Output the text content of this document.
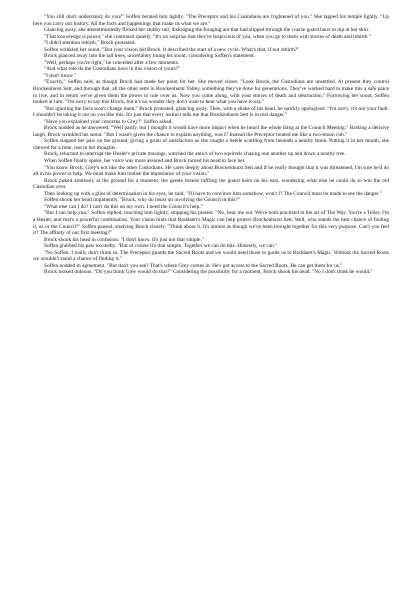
"You still don't understand, do you?" Soffen berated him lightly. "The Preceptor and his Custodians are frightened of you." She tapped his temple lightly. "Up here you carry our history. All the facts and happenings that make us what we are."

Glancing away, she absentmindedly flicked her stubby tail, dislodging the foraging ant that had slipped through the coarse guard hairs to nip at her skin.

"That knowledge is power," she continued quietly. "It's no surprise that they're suspicious of you, when you go to them with stories of death and rebirth."

"I didn't mention rebirth," Brock protested.

Soffen wrinkled her snout. "But your vision did Brock. It described the start of a new cycle. What's that, if not rebirth?"

Brock glanced away into the tall trees, uncertainty lining his snout, considering Soffen's statement.

"Well, perhaps you're right," he conceded after a few moments.

"And what role do the Custodians have in this vision of yours?"

"I don't know."

"Exactly," Soffen said, as though Brock had made her point for her. She moved closer. "Look Brock, the Custodians are unsettled. At present they control Brockenhurst Sett, and through that, all the other setts in Brockenhurst Valley, something they've done for generations. They've worked hard to make this a safe place to live, and in return we've given them the power to rule over us. Now you come along, with your stories of death and destruction." Furrowing her snout, Soffen looked at him. "I'm sorry to say this Brock, but it's no wonder they don't want to hear what you have to say."

"But ignoring the facts won't change them," Brock protested, glancing away. Then, with a shake of his head, he quickly apologised. "I'm sorry, it's not your fault. I shouldn't be taking it out on you like this. It's just that every instinct tells me that Brockenhurst Sett is in real danger."

"Have you explained your concerns to Grey?" Soffen asked.

Brock nodded as he answered. "Well partly, but I thought it would have more impact when he heard the whole thing at the Council Meeting." Barking a derisive laugh, Brock wrinkled his snout. "But I wasn't given the chance to explain anything, was I? Instead the Preceptor treated me like a two-moon cub."

Soffen slapped her paw on the ground, giving a grunt of satisfaction as she caught a beetle scuttling from beneath a nearby stone. Putting it in her mouth, she chewed for a time, lost in her thoughts.

Brock, reluctant to interrupt the Healer's private musings, watched the antics of two squirrels chasing one another up and down a nearby tree.

When Soffen finally spoke, her voice was more assured and Brock turned his head to face her.

"You know Brock, Grey's not like the other Custodians. He cares deeply about Brockenhurst Sett and if he really thought that it was threatened, I'm sure he'd do all in his power to help. We must make him realise the importance of your vision."

Brock poked aimlessly at the ground for a moment, the gentle breeze ruffling the guard hairs on his ears, wondering what else he could do to win the old Custodian over.

Then looking up with a glint of determination in his eyes, he said, "I'll have to convince him somehow, won't I? The Council must be made to see the danger."

Soffen shook her head impatiently. "Brock, why do insist on involving the Council in this?"

"What else can I do? I can't do this on my own. I need the Council's help."

"But I can help you," Soffen replied, touching him lightly, stopping his protest. "No, hear me out. We're both practised in the art of The Way. You're a Teller, I'm a Healer, and that's a powerful combination. Your vision hints that Boddaert's Magic can help protect Brockenhurst Sett. Well, who stands the best chance of finding it, us or the Council?" Soffen paused, studying Brock closely. "Think about it. It's almost as though we've been brought together for this very purpose. Can't you feel it? The affinity of our first meeting?"

Brock shook his head in confusion. "I don't know. It's just not that simple."

Soffen grabbed his paw excitedly. "But of course it's that simple. Together we can do this. Honestly, we can."

"No Soffen, I really don't think so. The Preceptor guards the Sacred Roots and we would need those to guide us to Boddaert's Magic. Without the Sacred Roots we wouldn't stand a chance of finding it."

Soffen nodded in agreement. "But don't you see? That's where Grey comes in. He's got access to the Sacred Roots. He can get them for us."

Brock looked dubious. "Do you think Grey would do that?" Considering the possibility for a moment, Brock shook his head. "No I don't think he would."
